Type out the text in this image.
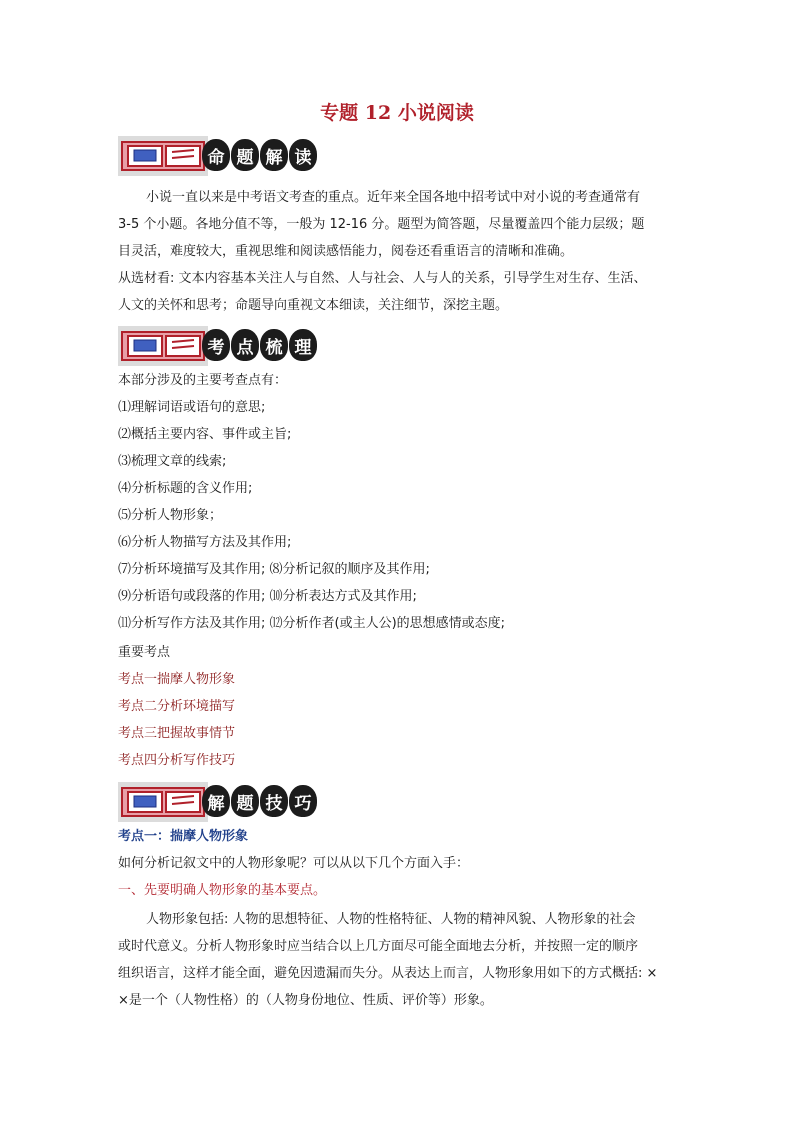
专题 12 小说阅读
命 题 解 读
小说一直以来是中考语文考查的重点。近年来全国各地中招考试中对小说的考查通常有
3-5 个小题。各地分值不等，一般为 12-16 分。题型为简答题，尽量覆盖四个能力层级；题
目灵活，难度较大，重视思维和阅读感悟能力，阅卷还看重语言的清晰和准确。
从选材看: 文本内容基本关注人与自然、人与社会、人与人的关系，引导学生对生存、生活、
人文的关怀和思考；命题导向重视文本细读，关注细节，深挖主题。
考 点 梳 理
本部分涉及的主要考查点有：
⑴理解词语或语句的意思;
⑵概括主要内容、事件或主旨;
⑶梳理文章的线索;
⑷分析标题的含义作用;
⑸分析人物形象；
⑹分析人物描写方法及其作用;
⑺分析环境描写及其作用; ⑻分析记叙的顺序及其作用;
⑼分析语句或段落的作用; ⑽分析表达方式及其作用;
⑾分析写作方法及其作用; ⑿分析作者(或主人公)的思想感情或态度;
重要考点
考点一揣摩人物形象
考点二分析环境描写
考点三把握故事情节
考点四分析写作技巧
解 题 技 巧
考点一：揣摩人物形象
如何分析记叙文中的人物形象呢？可以从以下几个方面入手：
一、先要明确人物形象的基本要点。
人物形象包括: 人物的思想特征、人物的性格特征、人物的精神风貌、人物形象的社会
或时代意义。分析人物形象时应当结合以上几方面尽可能全面地去分析，并按照一定的顺序
组织语言，这样才能全面，避免因遗漏而失分。从表达上而言，人物形象用如下的方式概括: ×
×是一个（人物性格）的（人物身份地位、性质、评价等）形象。
